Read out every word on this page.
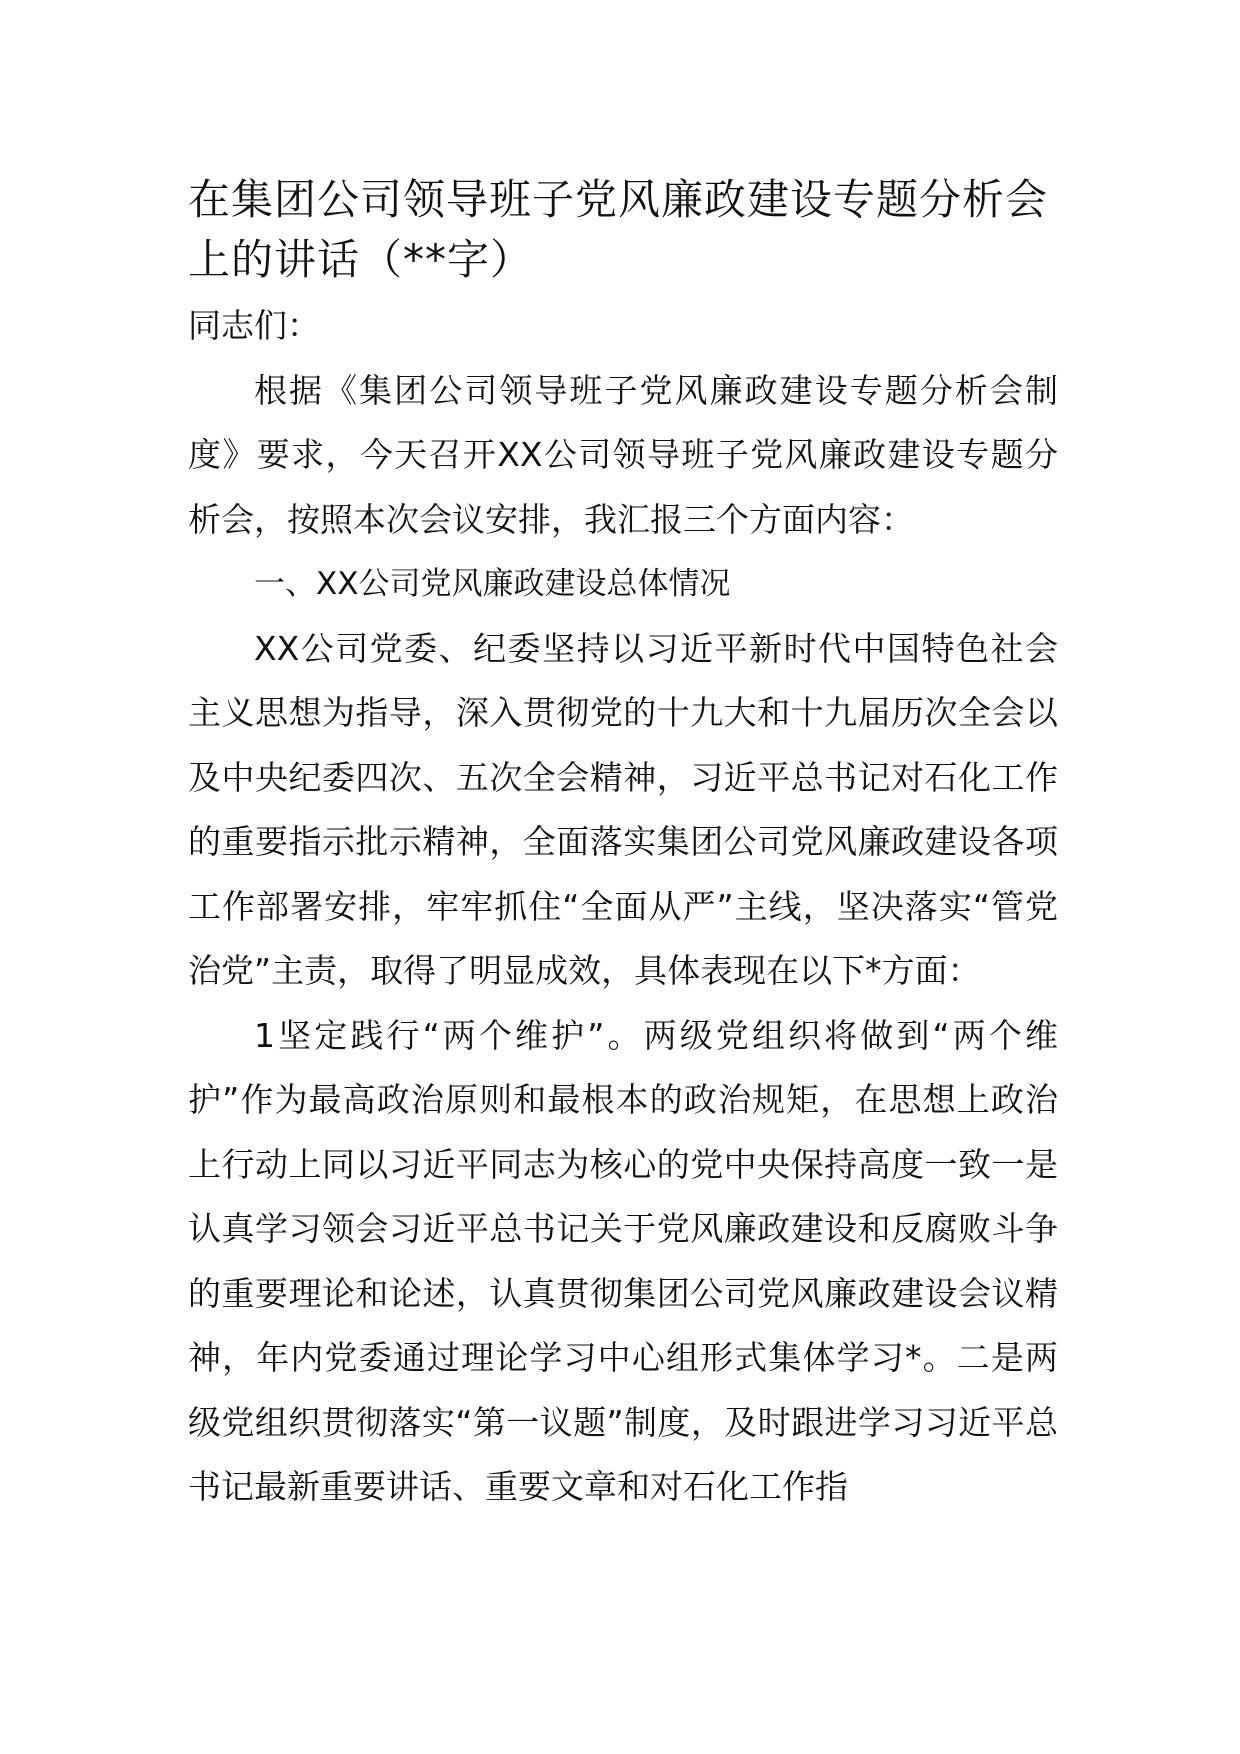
在集团公司领导班子党风廉政建设专题分析会上的讲话（**字）

同志们：

根据《集团公司领导班子党风廉政建设专题分析会制度》要求，今天召开XX公司领导班子党风廉政建设专题分析会，按照本次会议安排，我汇报三个方面内容：

一、XX公司党风廉政建设总体情况

XX公司党委、纪委坚持以习近平新时代中国特色社会主义思想为指导，深入贯彻党的十九大和十九届历次全会以及中央纪委四次、五次全会精神，习近平总书记对石化工作的重要指示批示精神，全面落实集团公司党风廉政建设各项工作部署安排，牢牢抓住“全面从严”主线，坚决落实“管党治党”主责，取得了明显成效，具体表现在以下*方面：

1坚定践行“两个维护”。两级党组织将做到“两个维护”作为最高政治原则和最根本的政治规矩，在思想上政治上行动上同以习近平同志为核心的党中央保持高度一致一是认真学习领会习近平总书记关于党风廉政建设和反腐败斗争的重要理论和论述，认真贯彻集团公司党风廉政建设会议精神，年内党委通过理论学习中心组形式集体学习*。二是两级党组织贯彻落实“第一议题”制度，及时跟进学习习近平总书记最新重要讲话、重要文章和对石化工作指
